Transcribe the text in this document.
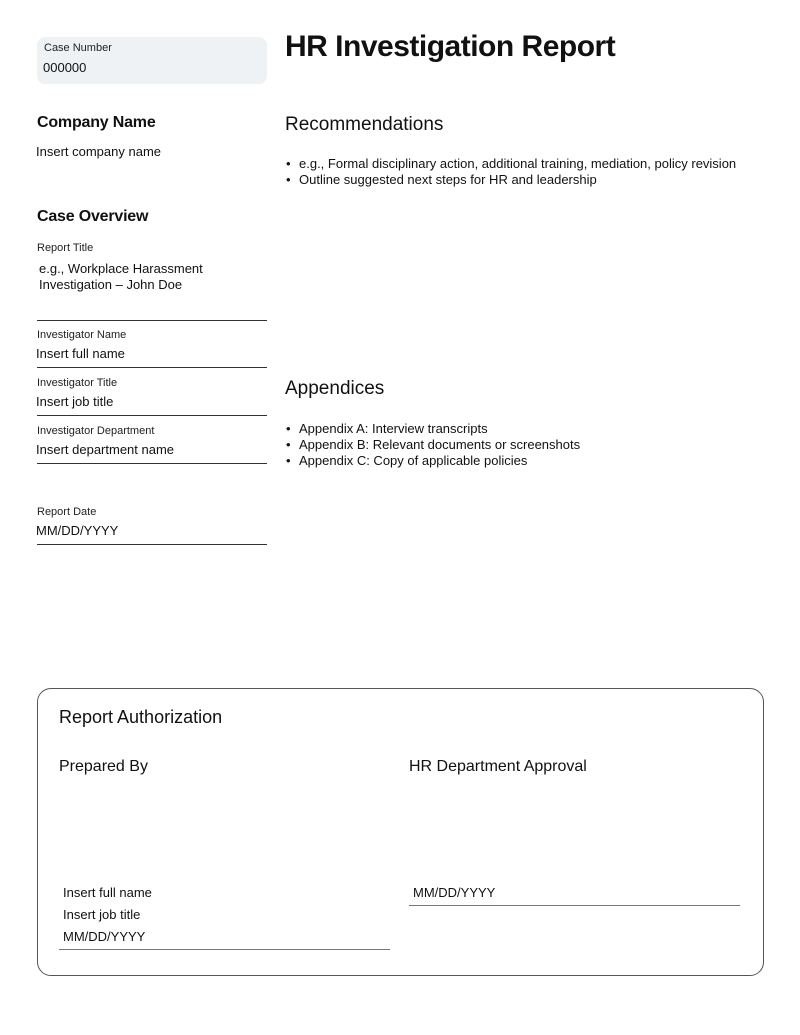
Case Number
000000
HR Investigation Report
Company Name
Insert company name
Case Overview
Report Title
e.g., Workplace Harassment
Investigation – John Doe
Investigator Name
Insert full name
Investigator Title
Insert job title
Investigator Department
Insert department name
Report Date
MM/DD/YYYY
Recommendations
• e.g., Formal disciplinary action, additional training, mediation, policy revision
• Outline suggested next steps for HR and leadership
Appendices
• Appendix A: Interview transcripts
• Appendix B: Relevant documents or screenshots
• Appendix C: Copy of applicable policies
Report Authorization
Prepared By	HR Department Approval
Insert full name
Insert job title
MM/DD/YYYY
MM/DD/YYYY
